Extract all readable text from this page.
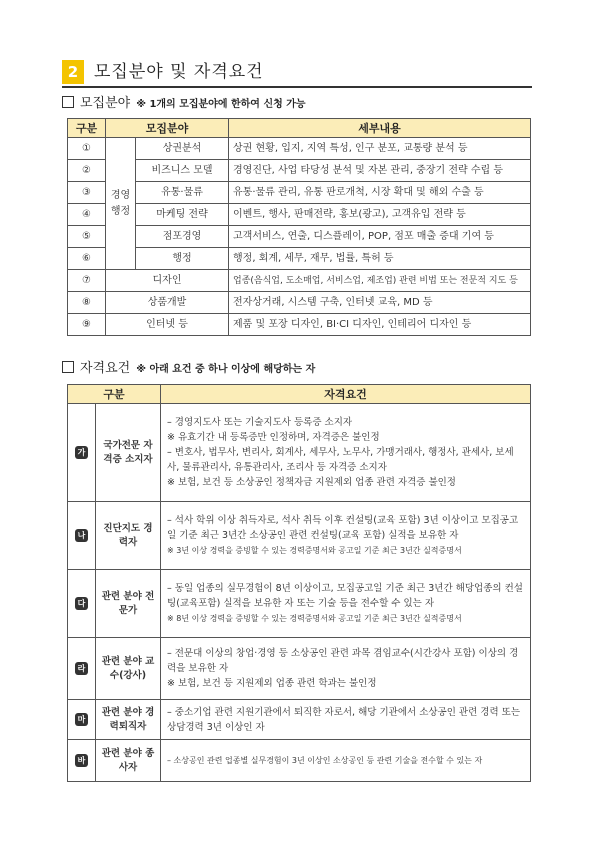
2 모집분야 및 자격요건
모집분야 ※ 1개의 모집분야에 한하여 신청 가능
구분	모집분야		세부내용
①	경영 행정	상권분석	상권 현황, 입지, 지역 특성, 인구 분포, 교통량 분석 등
②		비즈니스 모델	경영진단, 사업 타당성 분석 및 자본 관리, 중장기 전략 수립 등
③		유통·물류	유통·물류 관리, 유통 판로개척, 시장 확대 및 해외 수출 등
④		마케팅 전략	이벤트, 행사, 판매전략, 홍보(광고), 고객유입 전략 등
⑤		점포경영	고객서비스, 연출, 디스플레이, POP, 점포 매출 증대 기여 등
⑥		행정	행정, 회계, 세무, 재무, 법률, 특허 등
⑦	디자인		업종(음식업, 도소매업, 서비스업, 제조업) 관련 비법 또는 전문적 지도 등
⑧	상품개발		전자상거래, 시스템 구축, 인터넷 교육, MD 등
⑨	인터넷 등		제품 및 포장 디자인, BI·CI 디자인, 인테리어 디자인 등
자격요건 ※ 아래 요건 중 하나 이상에 해당하는 자
구분		자격요건
가	국가전문 자격증 소지자	– 경영지도사 또는 기술지도사 등록증 소지자
※ 유효기간 내 등록증만 인정하며, 자격증은 불인정
– 변호사, 법무사, 변리사, 회계사, 세무사, 노무사, 가맹거래사, 행정사, 관세사, 보세사, 물류관리사, 유통관리사, 조리사 등 자격증 소지자
※ 보험, 보건 등 소상공인 정책자금 지원제외 업종 관련 자격증 불인정

나	진단지도 경력자	– 석사 학위 이상 취득자로, 석사 취득 이후 컨설팅(교육 포함) 3년 이상이고 모집공고일 기준 최근 3년간 소상공인 관련 컨설팅(교육 포함) 실적을 보유한 자
※ 3년 이상 경력을 증빙할 수 있는 경력증명서와 공고일 기준 최근 3년간 실적증명서

다	관련 분야 전문가	– 동일 업종의 실무경험이 8년 이상이고, 모집공고일 기준 최근 3년간 해당업종의 컨설팅(교육포함) 실적을 보유한 자 또는 기술 등을 전수할 수 있는 자
※ 8년 이상 경력을 증빙할 수 있는 경력증명서와 공고일 기준 최근 3년간 실적증명서

라	관련 분야 교수(강사)	– 전문대 이상의 창업·경영 등 소상공인 관련 과목 겸임교수(시간강사 포함) 이상의 경력을 보유한 자
※ 보험, 보건 등 지원제외 업종 관련 학과는 불인정

마	관련 분야 경력퇴직자	– 중소기업 관련 지원기관에서 퇴직한 자로서, 해당 기관에서 소상공인 관련 경력 또는 상담경력 3년 이상인 자

바	관련 분야 종사자	– 소상공인 관련 업종별 실무경험이 3년 이상인 소상공인 등 관련 기술을 전수할 수 있는 자
